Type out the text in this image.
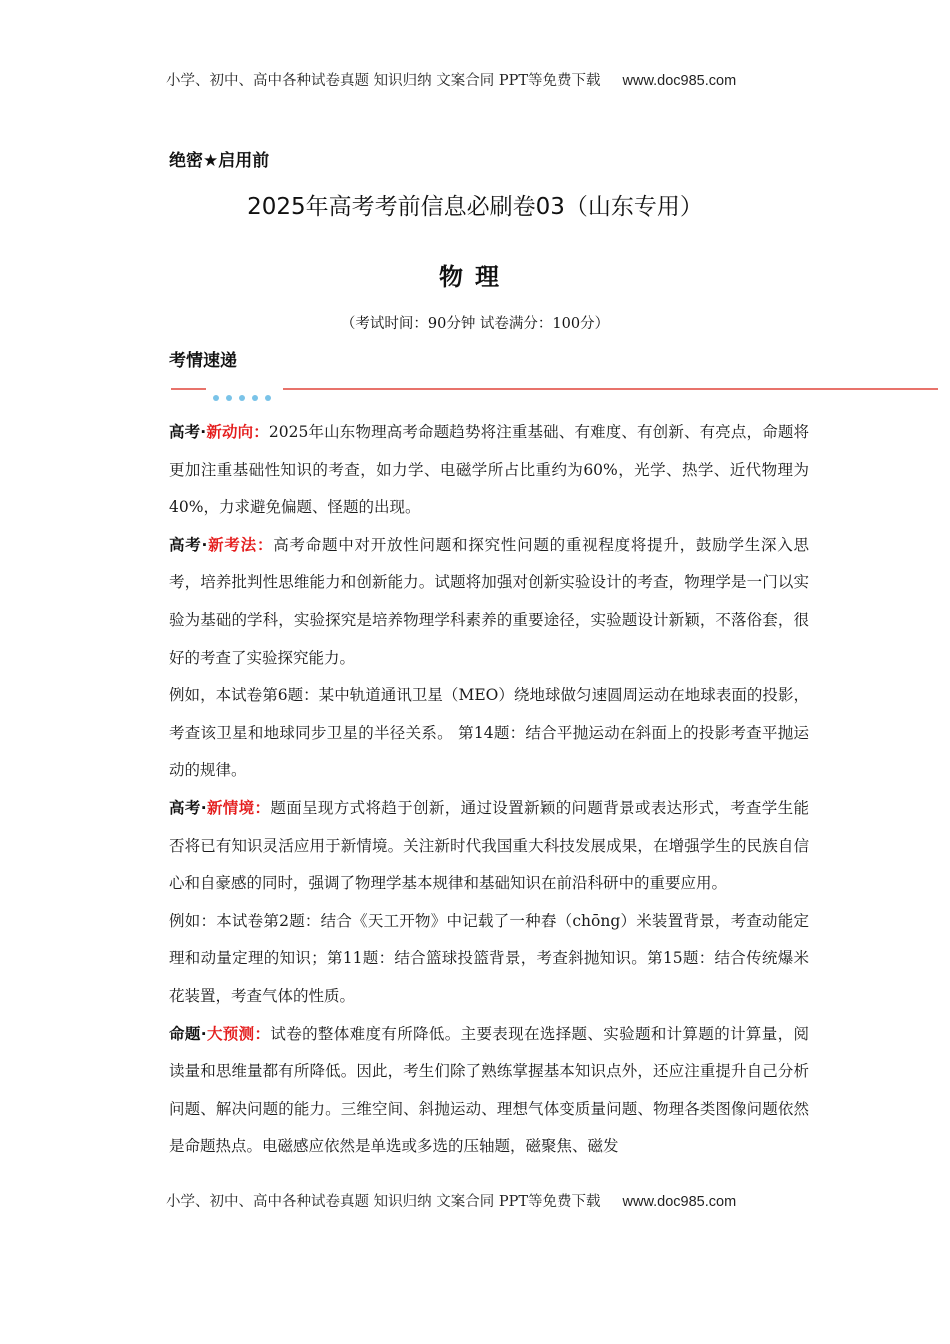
小学、初中、高中各种试卷真题 知识归纳 文案合同 PPT等免费下载 www.doc985.com
绝密★启用前
2025年高考考前信息必刷卷03（山东专用）
物理
（考试时间：90分钟 试卷满分：100分）
考情速递

高考·新动向：2025年山东物理高考命题趋势将注重基础、有难度、有创新、有亮点，命题将更加注重基础性知识的考查，如力学、电磁学所占比重约为60%，光学、热学、近代物理为40%，力求避免偏题、怪题的出现。

高考·新考法：高考命题中对开放性问题和探究性问题的重视程度将提升，鼓励学生深入思考，培养批判性思维能力和创新能力。试题将加强对创新实验设计的考查，物理学是一门以实验为基础的学科，实验探究是培养物理学科素养的重要途径，实验题设计新颖，不落俗套，很好的考查了实验探究能力。

例如，本试卷第6题：某中轨道通讯卫星（MEO）绕地球做匀速圆周运动在地球表面的投影，考查该卫星和地球同步卫星的半径关系。 第14题：结合平抛运动在斜面上的投影考查平抛运动的规律。

高考·新情境：题面呈现方式将趋于创新，通过设置新颖的问题背景或表达形式，考查学生能否将已有知识灵活应用于新情境。关注新时代我国重大科技发展成果，在增强学生的民族自信心和自豪感的同时，强调了物理学基本规律和基础知识在前沿科研中的重要应用。

例如：本试卷第2题：结合《天工开物》中记载了一种舂（chōng）米装置背景，考查动能定理和动量定理的知识；第11题：结合篮球投篮背景，考查斜抛知识。第15题：结合传统爆米花装置，考查气体的性质。

命题·大预测：试卷的整体难度有所降低。主要表现在选择题、实验题和计算题的计算量，阅读量和思维量都有所降低。因此，考生们除了熟练掌握基本知识点外，还应注重提升自己分析问题、解决问题的能力。三维空间、斜抛运动、理想气体变质量问题、物理各类图像问题依然是命题热点。电磁感应依然是单选或多选的压轴题，磁聚焦、磁发

小学、初中、高中各种试卷真题 知识归纳 文案合同 PPT等免费下载 www.doc985.com
